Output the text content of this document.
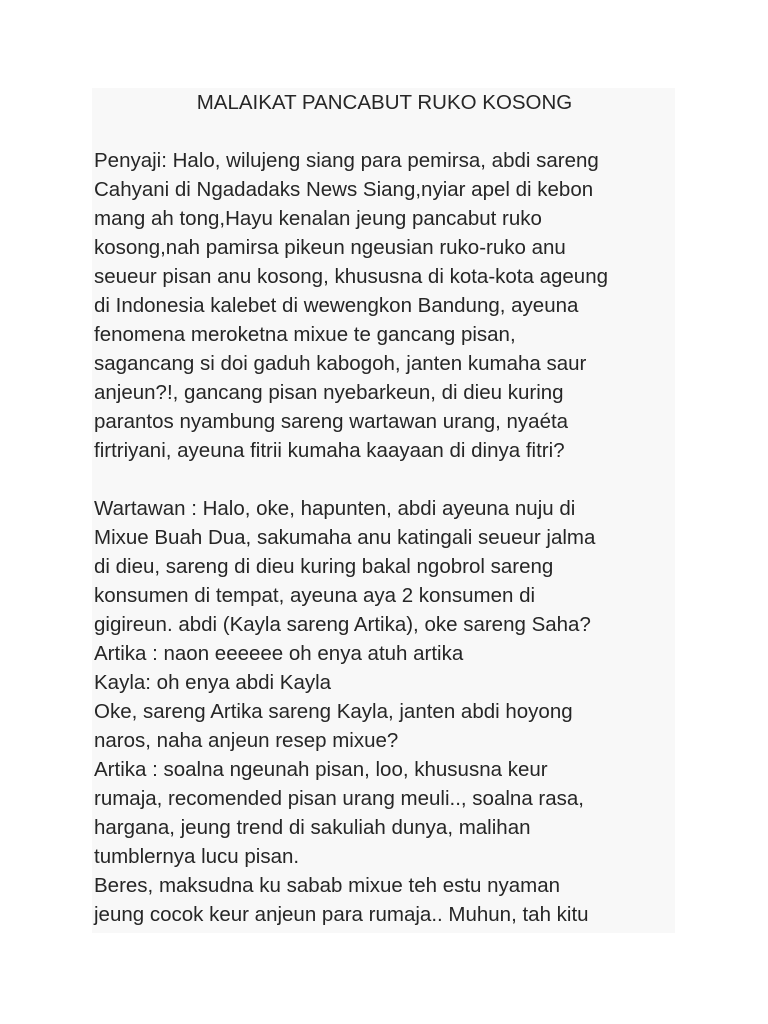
MALAIKAT PANCABUT RUKO KOSONG
Penyaji: Halo, wilujeng siang para pemirsa, abdi sareng
Cahyani di Ngadadaks News Siang,nyiar apel di kebon
mang ah tong,Hayu kenalan jeung pancabut ruko
kosong,nah pamirsa pikeun ngeusian ruko-ruko anu
seueur pisan anu kosong, khususna di kota-kota ageung
di Indonesia kalebet di wewengkon Bandung, ayeuna
fenomena meroketna mixue te gancang pisan,
sagancang si doi gaduh kabogoh, janten kumaha saur
anjeun?!, gancang pisan nyebarkeun, di dieu kuring
parantos nyambung sareng wartawan urang, nyaéta
firtriyani, ayeuna fitrii kumaha kaayaan di dinya fitri?
Wartawan : Halo, oke, hapunten, abdi ayeuna nuju di
Mixue Buah Dua, sakumaha anu katingali seueur jalma
di dieu, sareng di dieu kuring bakal ngobrol sareng
konsumen di tempat, ayeuna aya 2 konsumen di
gigireun. abdi (Kayla sareng Artika), oke sareng Saha?
Artika : naon eeeeee oh enya atuh artika
Kayla: oh enya abdi Kayla
Oke, sareng Artika sareng Kayla, janten abdi hoyong
naros, naha anjeun resep mixue?
Artika : soalna ngeunah pisan, loo, khususna keur
rumaja, recomended pisan urang meuli.., soalna rasa,
hargana, jeung trend di sakuliah dunya, malihan
tumblernya lucu pisan.
Beres, maksudna ku sabab mixue teh estu nyaman
jeung cocok keur anjeun para rumaja.. Muhun, tah kitu
